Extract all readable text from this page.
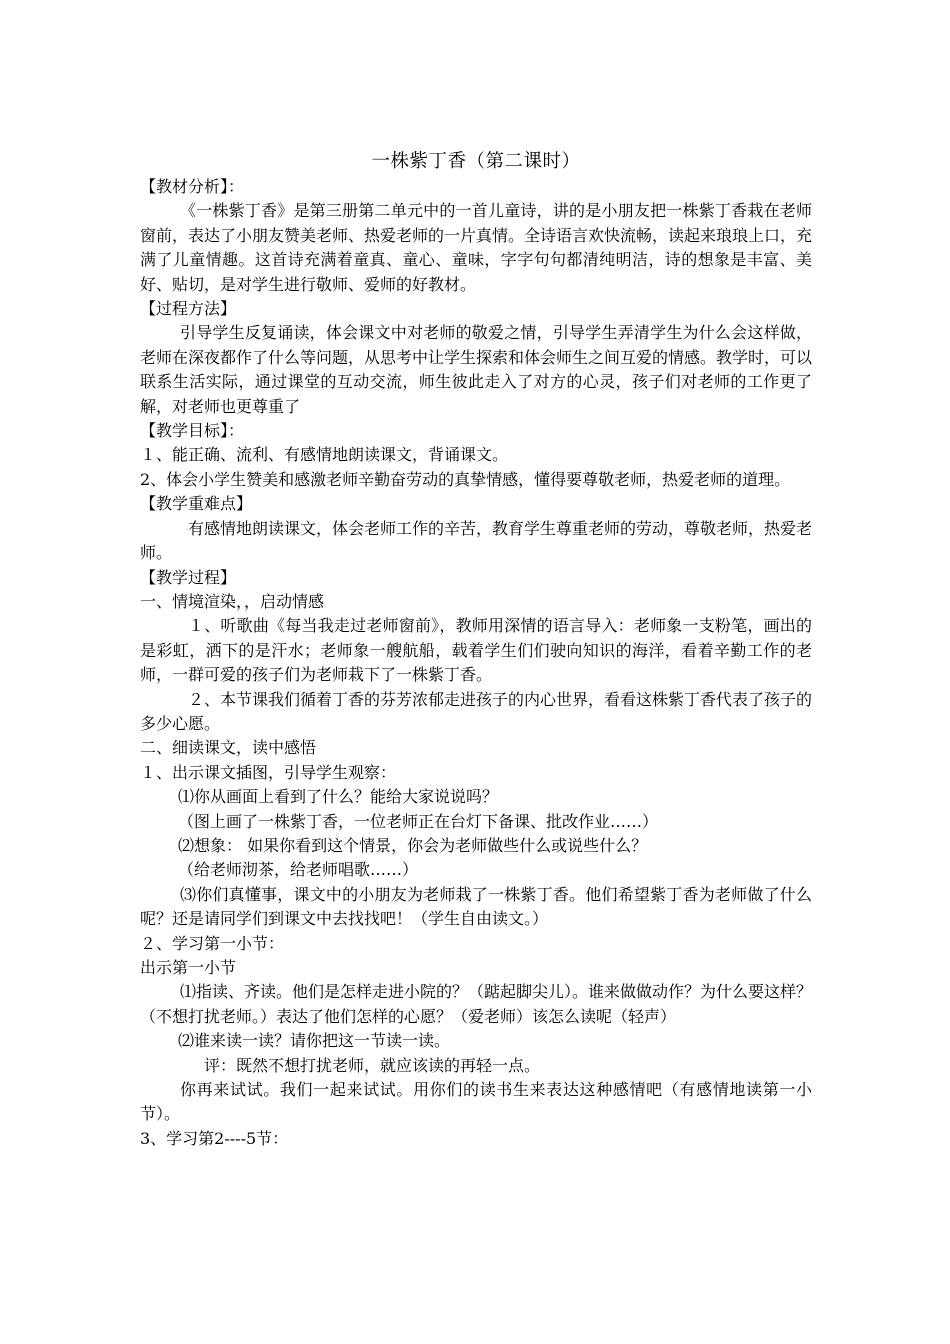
一株紫丁香（第二课时）

【教材分析】：

《一株紫丁香》是第三册第二单元中的一首儿童诗，讲的是小朋友把一株紫丁香栽在老师窗前，表达了小朋友赞美老师、热爱老师的一片真情。全诗语言欢快流畅，读起来琅琅上口，充满了儿童情趣。这首诗充满着童真、童心、童味，字字句句都清纯明洁，诗的想象是丰富、美好、贴切，是对学生进行敬师、爱师的好教材。

【过程方法】

引导学生反复诵读，体会课文中对老师的敬爱之情，引导学生弄清学生为什么会这样做，老师在深夜都作了什么等问题，从思考中让学生探索和体会师生之间互爱的情感。教学时，可以联系生活实际，通过课堂的互动交流，师生彼此走入了对方的心灵，孩子们对老师的工作更了解，对老师也更尊重了

【教学目标】：

１、能正确、流利、有感情地朗读课文，背诵课文。

2、体会小学生赞美和感激老师辛勤奋劳动的真挚情感，懂得要尊敬老师，热爱老师的道理。

【教学重难点】

有感情地朗读课文，体会老师工作的辛苦，教育学生尊重老师的劳动，尊敬老师，热爱老师。

【教学过程】

一、情境渲染，，启动情感

１、听歌曲《每当我走过老师窗前》，教师用深情的语言导入：老师象一支粉笔，画出的是彩虹，洒下的是汗水；老师象一艘航船，载着学生们们驶向知识的海洋，看着辛勤工作的老师，一群可爱的孩子们为老师栽下了一株紫丁香。

２、本节课我们循着丁香的芬芳浓郁走进孩子的内心世界，看看这株紫丁香代表了孩子的多少心愿。

二、细读课文，读中感悟

１、出示课文插图，引导学生观察：

⑴你从画面上看到了什么？能给大家说说吗？

（图上画了一株紫丁香，一位老师正在台灯下备课、批改作业……）

⑵想象： 如果你看到这个情景，你会为老师做些什么或说些什么？

（给老师沏茶，给老师唱歌……）

⑶你们真懂事，课文中的小朋友为老师栽了一株紫丁香。他们希望紫丁香为老师做了什么呢？还是请同学们到课文中去找找吧！（学生自由读文。）

２、学习第一小节：

出示第一小节

⑴指读、齐读。他们是怎样走进小院的？（踮起脚尖儿）。谁来做做动作？为什么要这样？（不想打扰老师。）表达了他们怎样的心愿？（爱老师）该怎么读呢（轻声）

⑵谁来读一读？请你把这一节读一读。

评：既然不想打扰老师，就应该读的再轻一点。

你再来试试。我们一起来试试。用你们的读书生来表达这种感情吧（有感情地读第一小节）。

3、学习第2----5节：
